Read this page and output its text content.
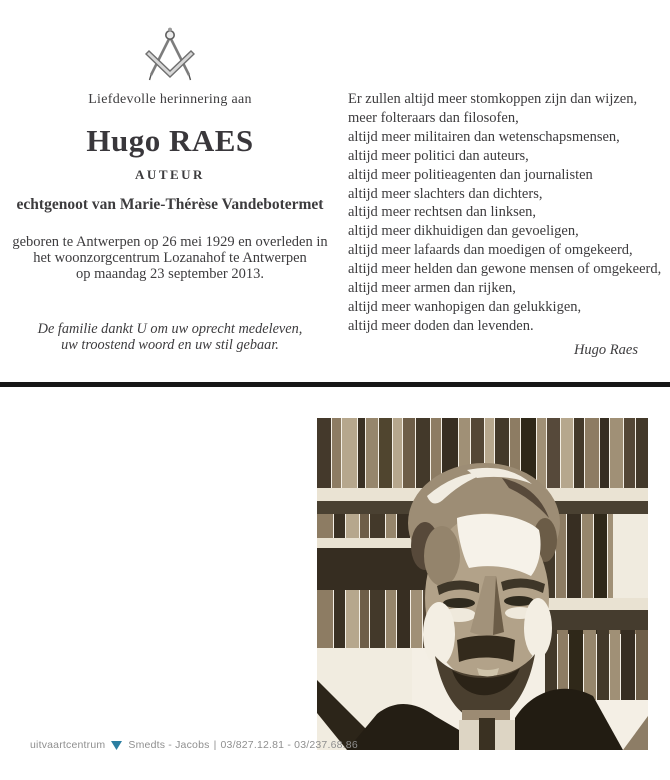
Liefdevolle herinnering aan
Hugo RAES
AUTEUR
echtgenoot van Marie-Thérèse Vandebotermet
geboren te Antwerpen op 26 mei 1929 en overleden in
het woonzorgcentrum Lozanahof te Antwerpen
op maandag 23 september 2013.
De familie dankt U om uw oprecht medeleven,
uw troostend woord en uw stil gebaar.
Er zullen altijd meer stomkoppen zijn dan wijzen,
meer folteraars dan filosofen,
altijd meer militairen dan wetenschapsmensen,
altijd meer politici dan auteurs,
altijd meer politieagenten dan journalisten
altijd meer slachters dan dichters,
altijd meer rechtsen dan linksen,
altijd meer dikhuidigen dan gevoeligen,
altijd meer lafaards dan moedigen of omgekeerd,
altijd meer helden dan gewone mensen of omgekeerd,
altijd meer armen dan rijken,
altijd meer wanhopigen dan gelukkigen,
altijd meer doden dan levenden.
Hugo Raes
uitvaartcentrum Smedts - Jacobs | 03/827.12.81 - 03/237.68.86
